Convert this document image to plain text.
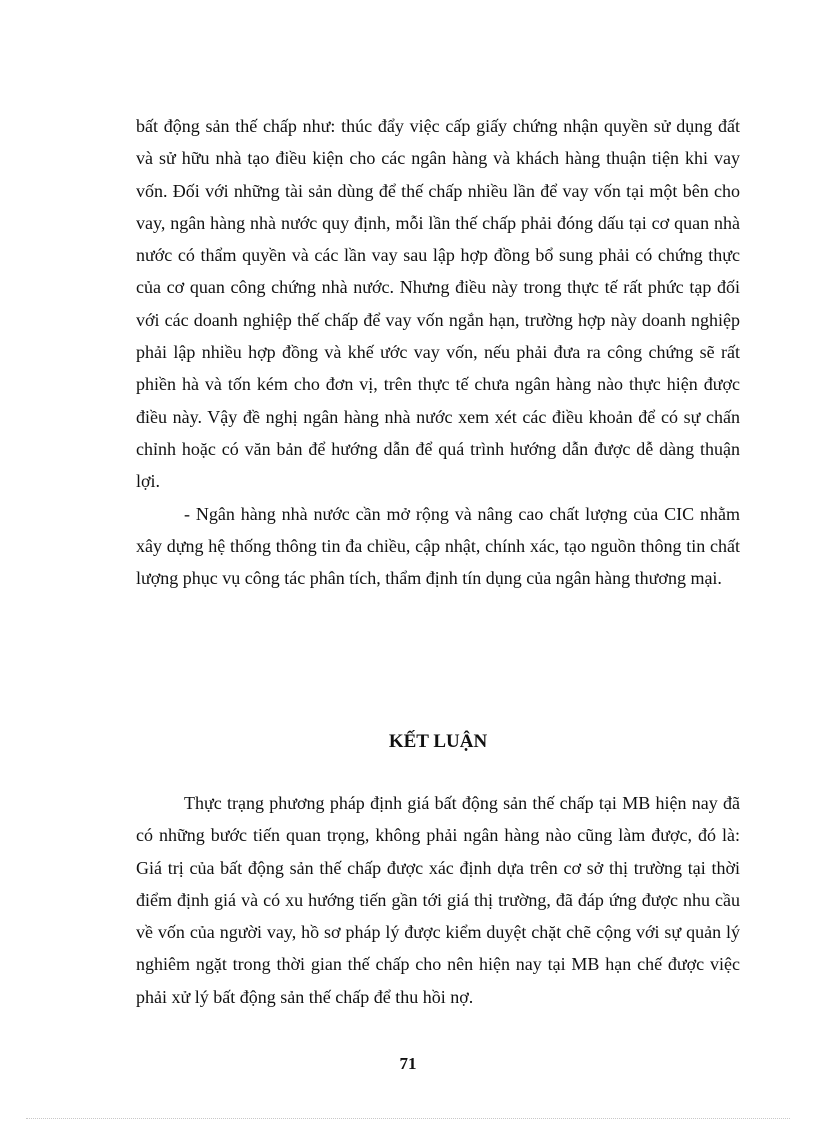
bất động sản thế chấp như: thúc đẩy việc cấp giấy chứng nhận quyền sử dụng đất và sử hữu nhà tạo điều kiện cho các ngân hàng và khách hàng thuận tiện khi vay vốn. Đối với những tài sản dùng để thế chấp nhiều lần để vay vốn tại một bên cho vay, ngân hàng nhà nước quy định, mỗi lần thế chấp phải đóng dấu tại cơ quan nhà nước có thẩm quyền và các lần vay sau lập hợp đồng bổ sung phải có chứng thực của cơ quan công chứng nhà nước. Nhưng điều này trong thực tế rất phức tạp đối với các doanh nghiệp thế chấp để vay vốn ngắn hạn, trường hợp này doanh nghiệp phải lập nhiều hợp đồng và khế ước vay vốn, nếu phải đưa ra công chứng sẽ rất phiền hà và tốn kém cho đơn vị, trên thực tế chưa ngân hàng nào thực hiện được điều này. Vậy đề nghị ngân hàng nhà nước xem xét các điều khoản để có sự chấn chỉnh hoặc có văn bản để hướng dẫn để quá trình hướng dẫn được dễ dàng thuận lợi.

- Ngân hàng nhà nước cần mở rộng và nâng cao chất lượng của CIC nhằm xây dựng hệ thống thông tin đa chiều, cập nhật, chính xác, tạo nguồn thông tin chất lượng phục vụ công tác phân tích, thẩm định tín dụng của ngân hàng thương mại.

KẾT LUẬN

Thực trạng phương pháp định giá bất động sản thế chấp tại MB hiện nay đã có những bước tiến quan trọng, không phải ngân hàng nào cũng làm được, đó là: Giá trị của bất động sản thế chấp được xác định dựa trên cơ sở thị trường tại thời điểm định giá và có xu hướng tiến gần tới giá thị trường, đã đáp ứng được nhu cầu về vốn của người vay, hồ sơ pháp lý được kiểm duyệt chặt chẽ cộng với sự quản lý nghiêm ngặt trong thời gian thế chấp cho nên hiện nay tại MB hạn chế được việc phải xử lý bất động sản thế chấp để thu hồi nợ.

71
